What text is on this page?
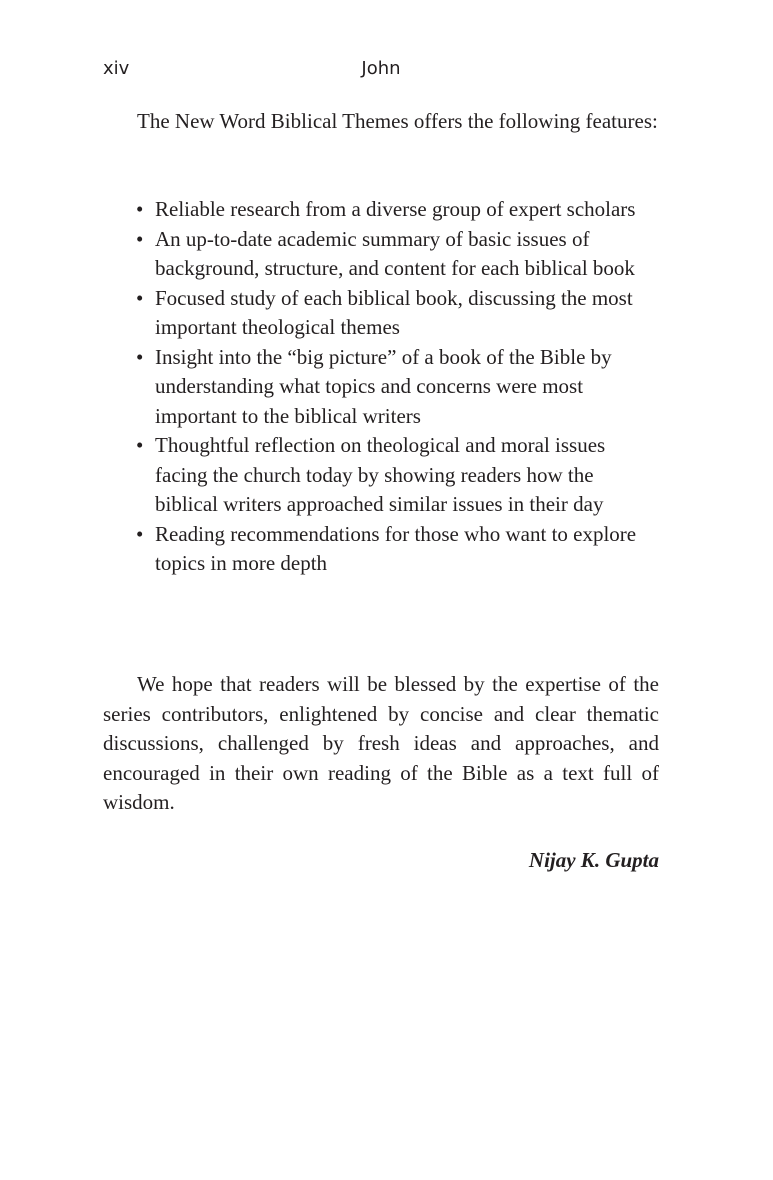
xiv	John

The New Word Biblical Themes offers the following features:

• Reliable research from a diverse group of expert scholars
• An up-to-date academic summary of basic issues of background, structure, and content for each biblical book
• Focused study of each biblical book, discussing the most important theological themes
• Insight into the “big picture” of a book of the Bible by understanding what topics and concerns were most important to the biblical writers
• Thoughtful reflection on theological and moral issues facing the church today by showing readers how the biblical writers approached similar issues in their day
• Reading recommendations for those who want to explore topics in more depth

We hope that readers will be blessed by the expertise of the series contributors, enlightened by concise and clear thematic discussions, challenged by fresh ideas and approaches, and encouraged in their own reading of the Bible as a text full of wisdom.

Nijay K. Gupta
